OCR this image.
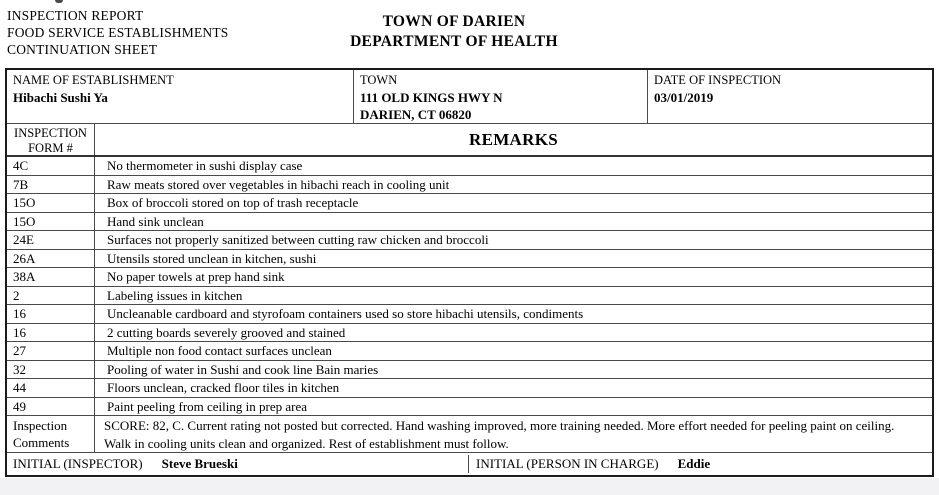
INSPECTION REPORT
FOOD SERVICE ESTABLISHMENTS
CONTINUATION SHEET
TOWN OF DARIEN
DEPARTMENT OF HEALTH
NAME OF ESTABLISHMENT
Hibachi Sushi Ya
TOWN
111 OLD KINGS HWY N
DARIEN, CT 06820
DATE OF INSPECTION
03/01/2019
INSPECTION
FORM #	REMARKS
4C	No thermometer in sushi display case
7B	Raw meats stored over vegetables in hibachi reach in cooling unit
15O	Box of broccoli stored on top of trash receptacle
15O	Hand sink unclean
24E	Surfaces not properly sanitized between cutting raw chicken and broccoli
26A	Utensils stored unclean in kitchen, sushi
38A	No paper towels at prep hand sink
2	Labeling issues in kitchen
16	Uncleanable cardboard and styrofoam containers used so store hibachi utensils, condiments
16	2 cutting boards severely grooved and stained
27	Multiple non food contact surfaces unclean
32	Pooling of water in Sushi and cook line Bain maries
44	Floors unclean, cracked floor tiles in kitchen
49	Paint peeling from ceiling in prep area
Inspection
Comments
SCORE: 82, C. Current rating not posted but corrected. Hand washing improved, more training needed. More effort needed for peeling paint on ceiling. Walk in cooling units clean and organized. Rest of establishment must follow.
INITIAL (INSPECTOR) Steve Brueski	INITIAL (PERSON IN CHARGE) Eddie
